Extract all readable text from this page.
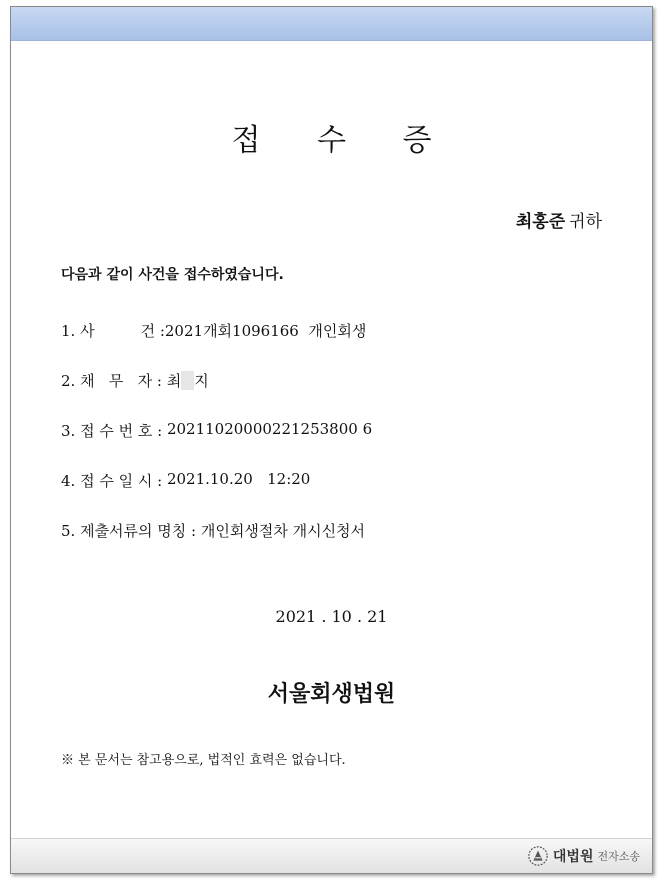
접 수 증
최홍준 귀하
다음과 같이 사건을 접수하였습니다.
1. 사	건 : 2021개회1096166  개인회생
2. 채   무   자 : 최 지
3. 접 수 번 호 : 20211020000221253800 6
4. 접 수 일 시 : 2021.10.20   12:20
5. 제출서류의 명칭 : 개인회생절차 개시신청서
2021 . 10 . 21
서울회생법원
※ 본 문서는 참고용으로, 법적인 효력은 없습니다.
대법원 전자소송
